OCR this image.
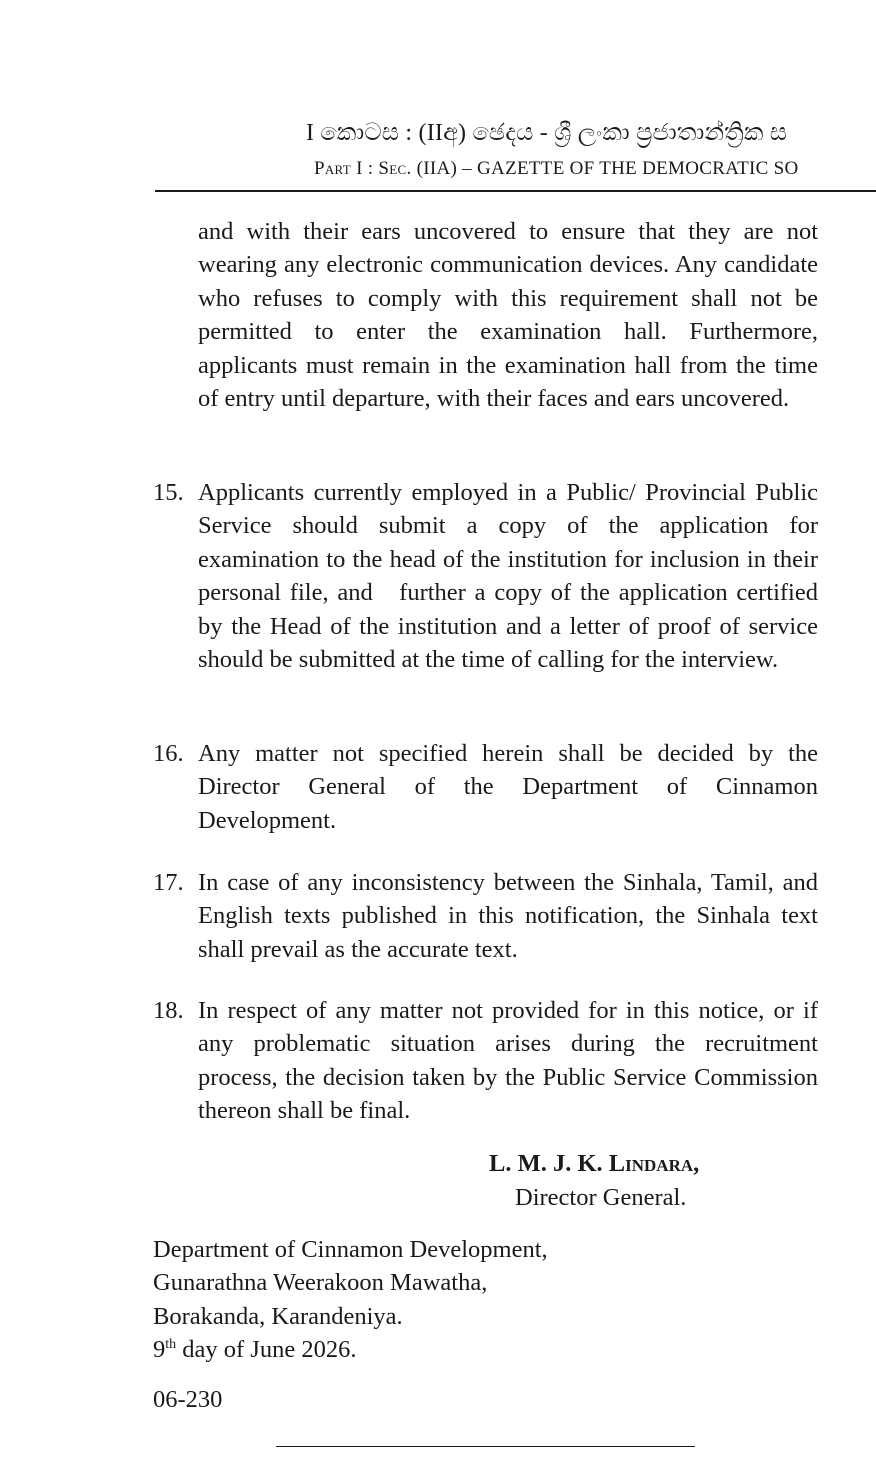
I කොටස : (IIඅ) ඡෙදය - ශ්‍රී ලංකා ප්‍රජාතාන්ත්‍රික ස
Part I : Sec. (IIA) – GAZETTE OF THE DEMOCRATIC SO
and with their ears uncovered to ensure that they are not wearing any electronic communication devices. Any candidate who refuses to comply with this requirement shall not be permitted to enter the examination hall. Furthermore, applicants must remain in the examination hall from the time of entry until departure, with their faces and ears uncovered.
15. Applicants currently employed in a Public/ Provincial Public Service should submit a copy of the application for examination to the head of the institution for inclusion in their personal file, and   further a copy of the application certified by the Head of the institution and a letter of proof of service should be submitted at the time of calling for the interview.
16. Any matter not specified herein shall be decided by the Director General of the Department of Cinnamon Development.
17. In case of any inconsistency between the Sinhala, Tamil, and English texts published in this notification, the Sinhala text shall prevail as the accurate text.
18. In respect of any matter not provided for in this notice, or if any problematic situation arises during the recruitment process, the decision taken by the Public Service Commission thereon shall be final.
L. M. J. K. Lindara,
Director General.
Department of Cinnamon Development,
Gunarathna Weerakoon Mawatha,
Borakanda, Karandeniya.
9th day of June 2026.
06-230
